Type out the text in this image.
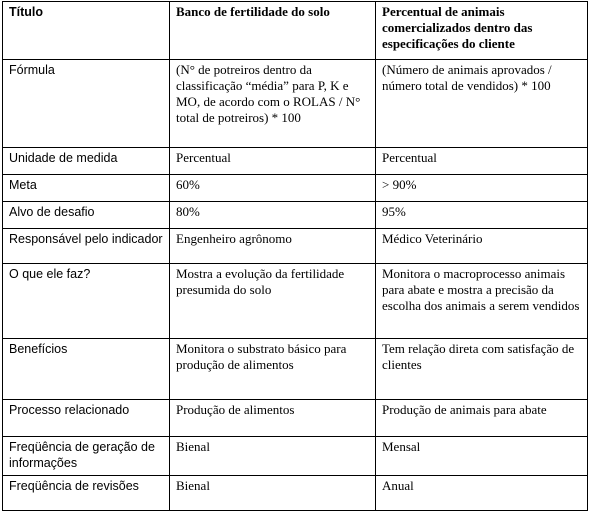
Título	Banco de fertilidade do solo	Percentual de animais comercializados dentro das especificações do cliente
Fórmula	(N° de potreiros dentro da classificação “média” para P, K e MO, de acordo com o ROLAS / N° total de potreiros) * 100	(Número de animais aprovados / número total de vendidos) * 100
Unidade de medida	Percentual	Percentual
Meta	60%	> 90%
Alvo de desafio	80%	95%
Responsável pelo indicador	Engenheiro agrônomo	Médico Veterinário
O que ele faz?	Mostra a evolução da fertilidade presumida do solo	Monitora o macroprocesso animais para abate e mostra a precisão da escolha dos animais a serem vendidos
Benefícios	Monitora o substrato básico para produção de alimentos	Tem relação direta com satisfação de clientes
Processo relacionado	Produção de alimentos	Produção de animais para abate
Freqüência de geração de informações	Bienal	Mensal
Freqüência de revisões	Bienal	Anual
